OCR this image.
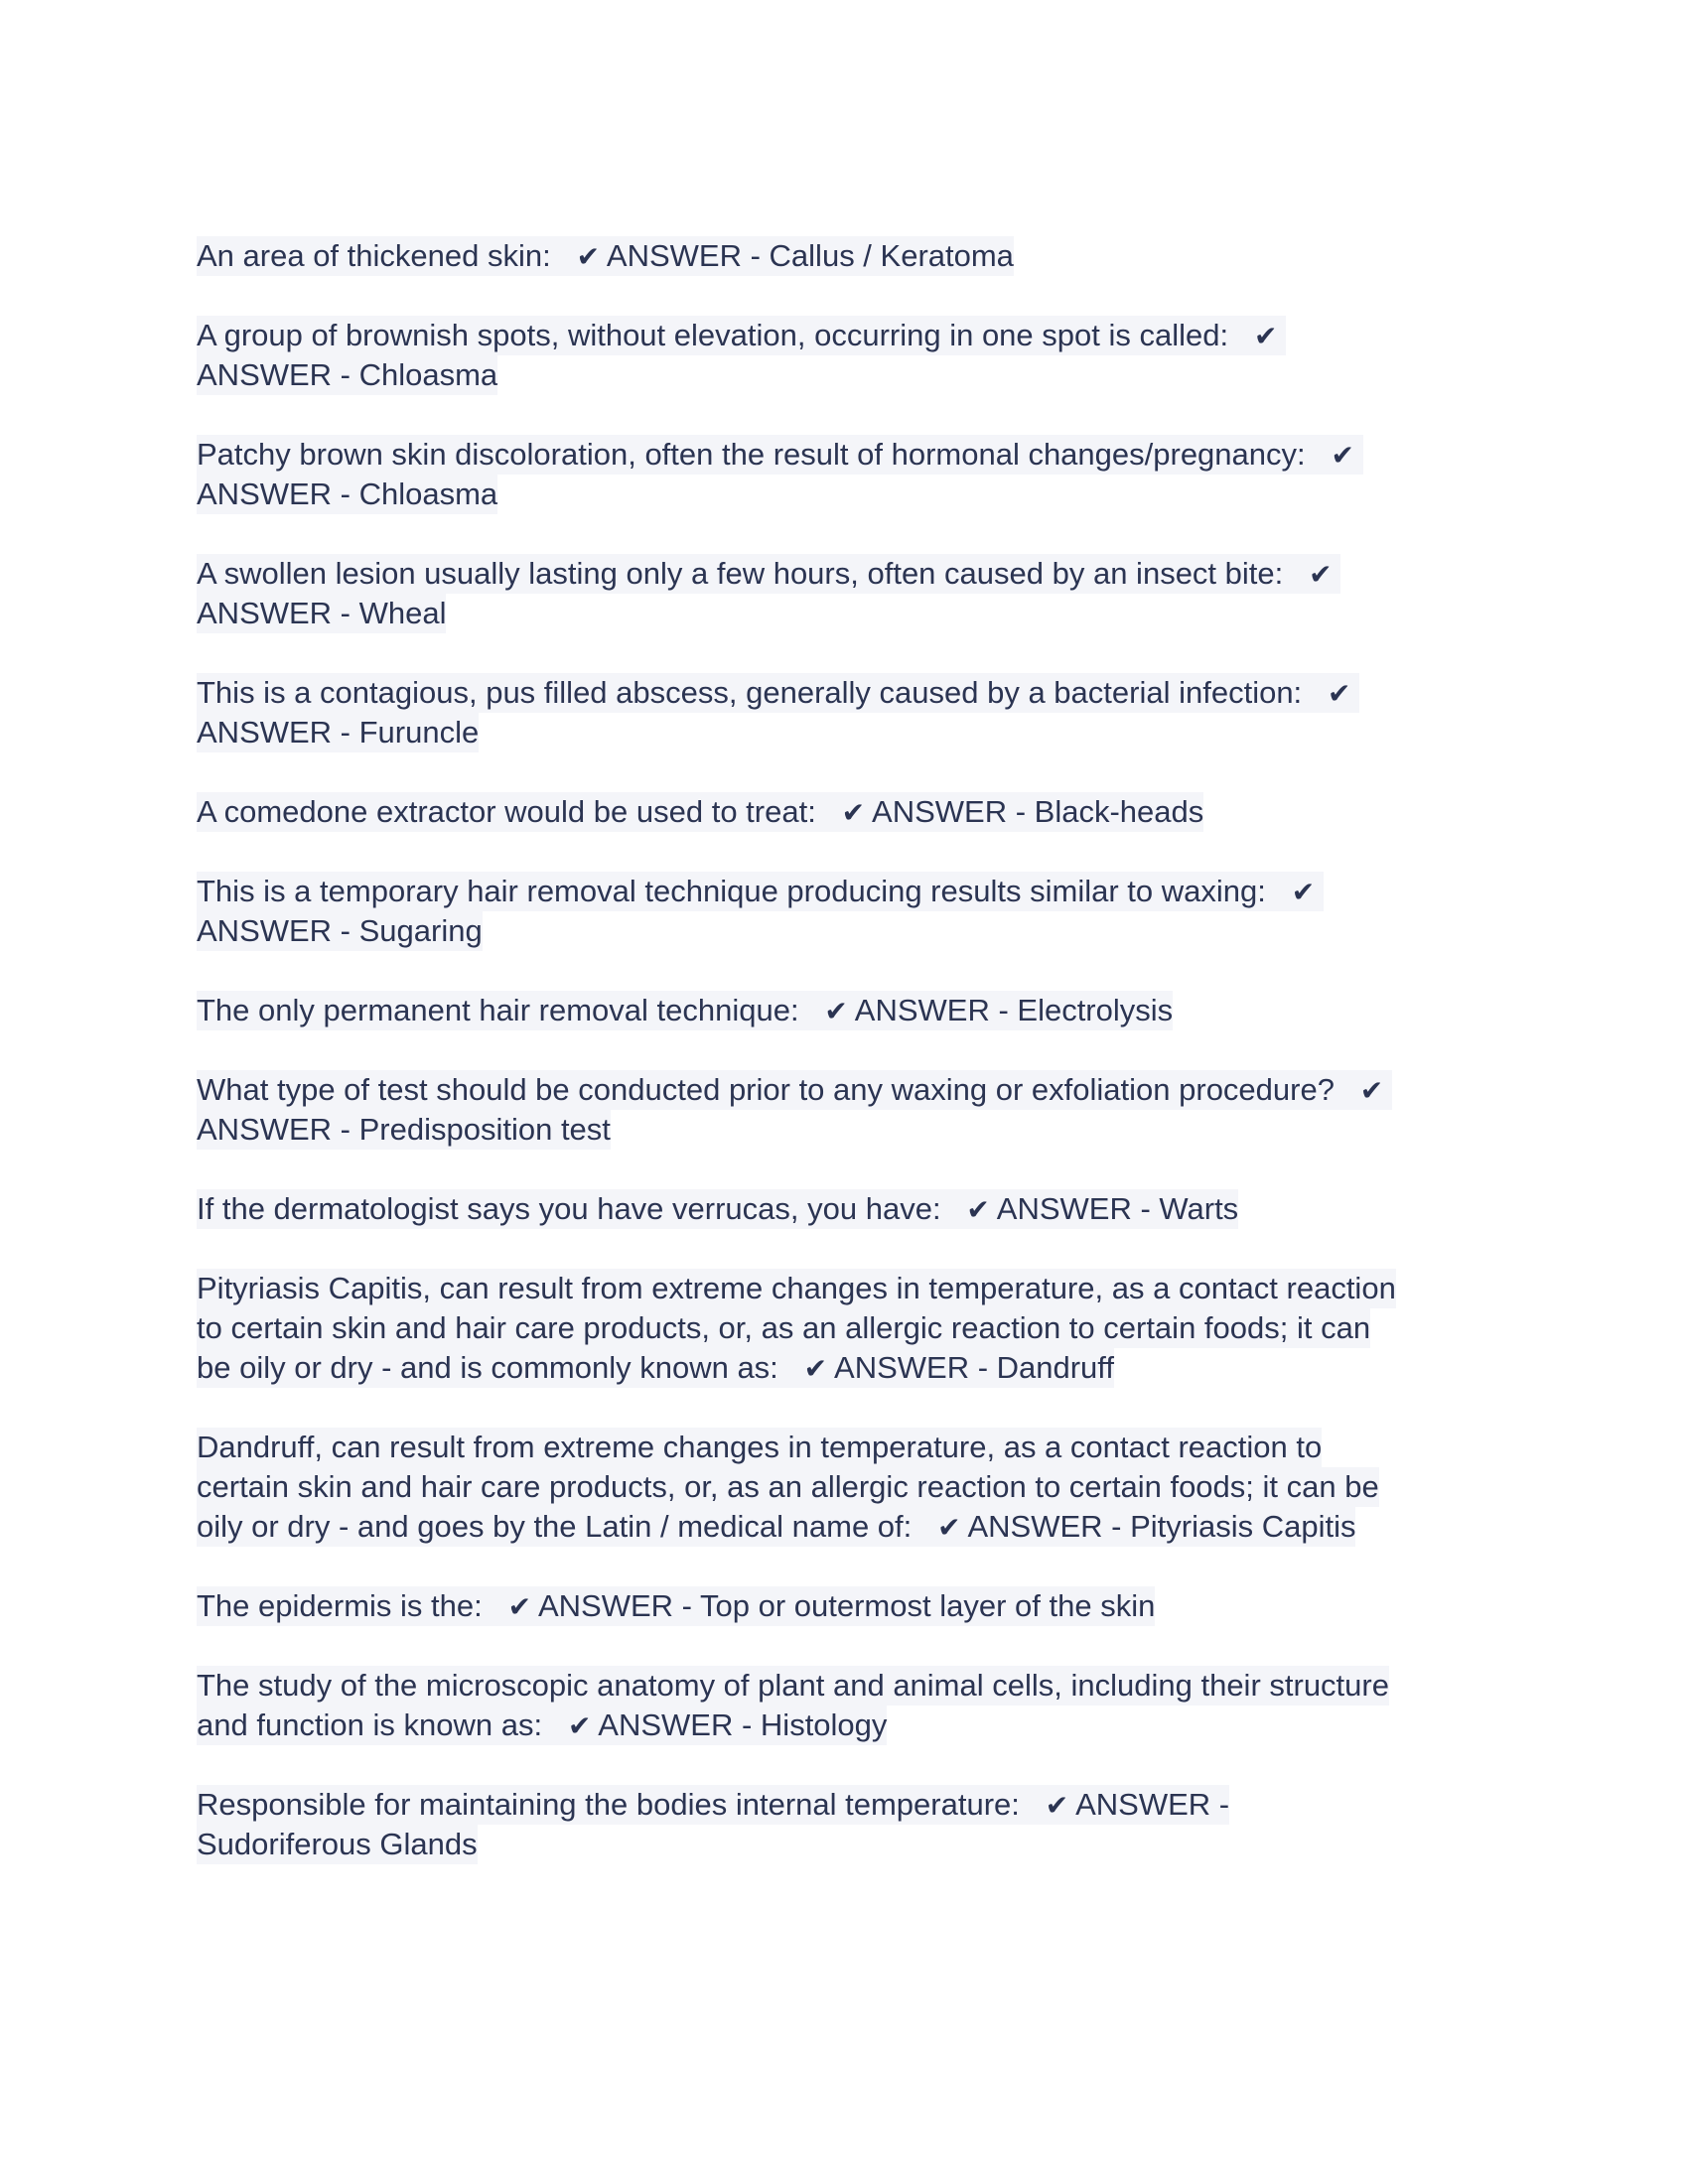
An area of thickened skin:   ✔ ANSWER - Callus / Keratoma
A group of brownish spots, without elevation, occurring in one spot is called:   ✔
ANSWER - Chloasma
Patchy brown skin discoloration, often the result of hormonal changes/pregnancy:   ✔
ANSWER - Chloasma
A swollen lesion usually lasting only a few hours, often caused by an insect bite:   ✔
ANSWER - Wheal
This is a contagious, pus filled abscess, generally caused by a bacterial infection:   ✔
ANSWER - Furuncle
A comedone extractor would be used to treat:   ✔ ANSWER - Black-heads
This is a temporary hair removal technique producing results similar to waxing:   ✔
ANSWER - Sugaring
The only permanent hair removal technique:   ✔ ANSWER - Electrolysis
What type of test should be conducted prior to any waxing or exfoliation procedure?   ✔
ANSWER - Predisposition test
If the dermatologist says you have verrucas, you have:   ✔ ANSWER - Warts
Pityriasis Capitis, can result from extreme changes in temperature, as a contact reaction
to certain skin and hair care products, or, as an allergic reaction to certain foods; it can
be oily or dry - and is commonly known as:   ✔ ANSWER - Dandruff
Dandruff, can result from extreme changes in temperature, as a contact reaction to
certain skin and hair care products, or, as an allergic reaction to certain foods; it can be
oily or dry - and goes by the Latin / medical name of:   ✔ ANSWER - Pityriasis Capitis
The epidermis is the:   ✔ ANSWER - Top or outermost layer of the skin
The study of the microscopic anatomy of plant and animal cells, including their structure
and function is known as:   ✔ ANSWER - Histology
Responsible for maintaining the bodies internal temperature:   ✔ ANSWER -
Sudoriferous Glands
